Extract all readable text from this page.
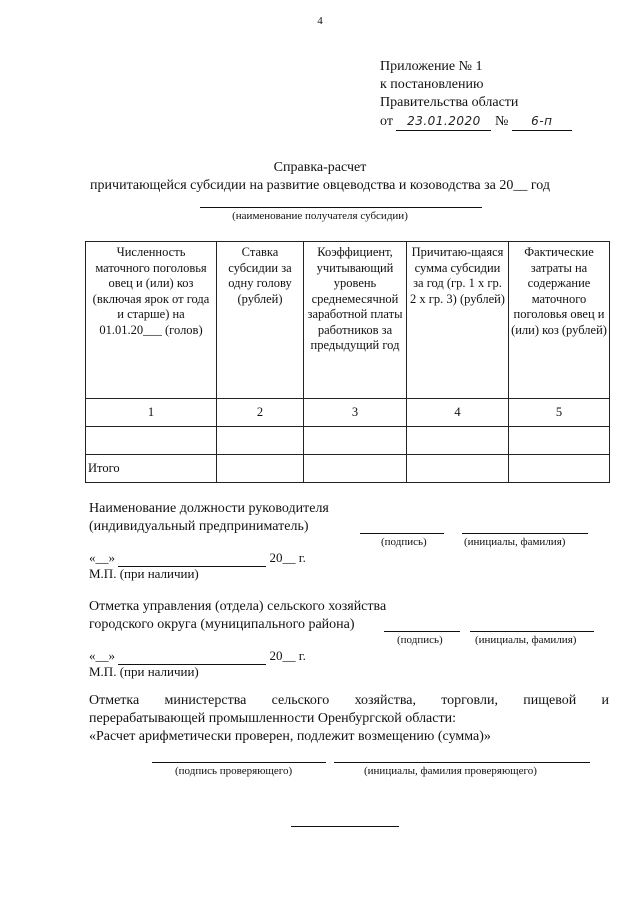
4
Приложение № 1
к постановлению
Правительства области
от 23.01.2020 № 6-п
Справка-расчет
причитающейся субсидии на развитие овцеводства и козоводства за 20__ год
(наименование получателя субсидии)
Численность маточного поголовья овец и (или) коз (включая ярок от года и старше) на 01.01.20___ (голов)	Ставка субсидии за одну голову (рублей)	Коэффициент, учитывающий уровень среднемесячной заработной платы работников за предыдущий год	Причитаю-щаяся сумма субсидии за год (гр. 1 х гр. 2 х гр. 3) (рублей)	Фактические затраты на содержание маточного поголовья овец и (или) коз (рублей)
1	2	3	4	5

Итого				
Наименование должности руководителя
(индивидуальный предприниматель)
(подпись)	(инициалы, фамилия)
«__»	20__ г.
М.П. (при наличии)
Отметка управления (отдела) сельского хозяйства
городского округа (муниципального района)
(подпись)	(инициалы, фамилия)
«__»	20__ г.
М.П. (при наличии)
Отметка министерства сельского хозяйства, торговли, пищевой и
перерабатывающей промышленности Оренбургской области:
«Расчет арифметически проверен, подлежит возмещению (сумма)»
(подпись проверяющего)	(инициалы, фамилия проверяющего)
